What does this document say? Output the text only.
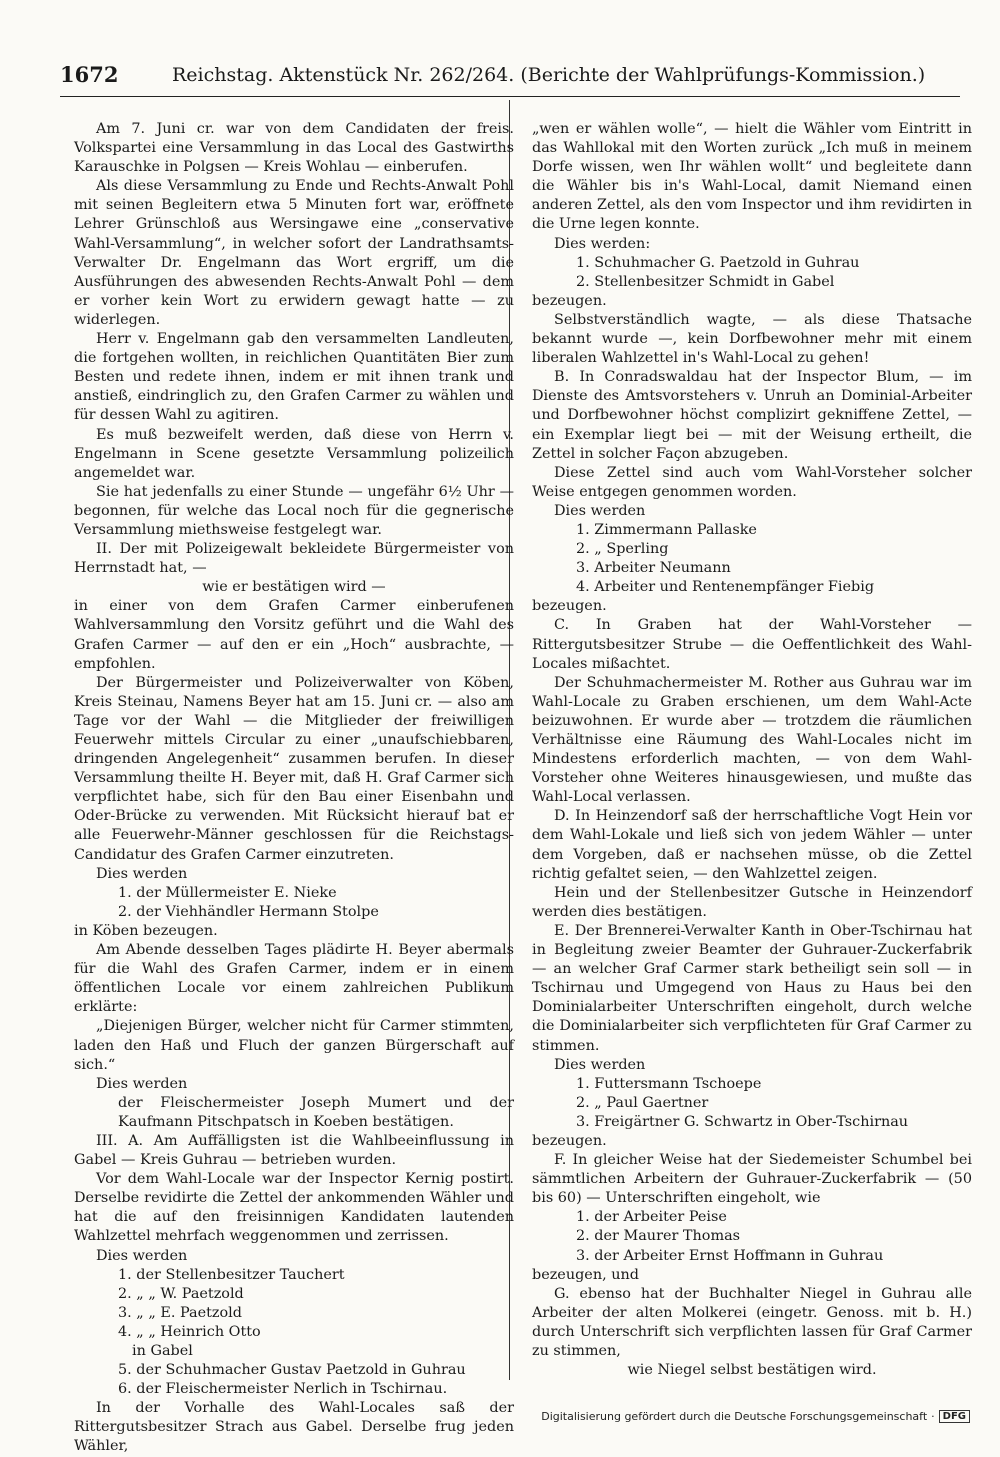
1672	Reichstag. Aktenstück Nr. 262/264. (Berichte der Wahlprüfungs-Kommission.)

Am 7. Juni cr. war von dem Candidaten der freis. Volkspartei eine Versammlung in das Local des Gastwirths Karauschke in Polgsen — Kreis Wohlau — einberufen.

Als diese Versammlung zu Ende und Rechts-Anwalt Pohl mit seinen Begleitern etwa 5 Minuten fort war, eröffnete Lehrer Grünschloß aus Wersingawe eine „conservative Wahl-Versammlung“, in welcher sofort der Landrathsamts-Verwalter Dr. Engelmann das Wort ergriff, um die Ausführungen des abwesenden Rechts-Anwalt Pohl — dem er vorher kein Wort zu erwidern gewagt hatte — zu widerlegen.

Herr v. Engelmann gab den versammelten Landleuten, die fortgehen wollten, in reichlichen Quantitäten Bier zum Besten und redete ihnen, indem er mit ihnen trank und anstieß, eindringlich zu, den Grafen Carmer zu wählen und für dessen Wahl zu agitiren.

Es muß bezweifelt werden, daß diese von Herrn v. Engelmann in Scene gesetzte Versammlung polizeilich angemeldet war.

Sie hat jedenfalls zu einer Stunde — ungefähr 6½ Uhr — begonnen, für welche das Local noch für die gegnerische Versammlung miethsweise festgelegt war.

II. Der mit Polizeigewalt bekleidete Bürgermeister von Herrnstadt hat, —

wie er bestätigen wird —

in einer von dem Grafen Carmer einberufenen Wahlversammlung den Vorsitz geführt und die Wahl des Grafen Carmer — auf den er ein „Hoch“ ausbrachte, — empfohlen.

Der Bürgermeister und Polizeiverwalter von Köben, Kreis Steinau, Namens Beyer hat am 15. Juni cr. — also am Tage vor der Wahl — die Mitglieder der freiwilligen Feuerwehr mittels Circular zu einer „unaufschiebbaren, dringenden Angelegenheit“ zusammen berufen. In dieser Versammlung theilte H. Beyer mit, daß H. Graf Carmer sich verpflichtet habe, sich für den Bau einer Eisenbahn und Oder-Brücke zu verwenden. Mit Rücksicht hierauf bat er alle Feuerwehr-Männer geschlossen für die Reichstags-Candidatur des Grafen Carmer einzutreten.

Dies werden

1. der Müllermeister E. Nieke

2. der Viehhändler Hermann Stolpe

in Köben bezeugen.

Am Abende desselben Tages plädirte H. Beyer abermals für die Wahl des Grafen Carmer, indem er in einem öffentlichen Locale vor einem zahlreichen Publikum erklärte:

„Diejenigen Bürger, welcher nicht für Carmer stimmten, laden den Haß und Fluch der ganzen Bürgerschaft auf sich.“

Dies werden

der Fleischermeister Joseph Mumert und der Kaufmann Pitschpatsch in Koeben bestätigen.

III. A. Am Auffälligsten ist die Wahlbeeinflussung in Gabel — Kreis Guhrau — betrieben wurden.

Vor dem Wahl-Locale war der Inspector Kernig postirt. Derselbe revidirte die Zettel der ankommenden Wähler und hat die auf den freisinnigen Kandidaten lautenden Wahlzettel mehrfach weggenommen und zerrissen.

Dies werden

1. der Stellenbesitzer Tauchert

2. „ „ W. Paetzold

3. „ „ E. Paetzold

4. „ „ Heinrich Otto

in Gabel

5. der Schuhmacher Gustav Paetzold in Guhrau

6. der Fleischermeister Nerlich in Tschirnau.

In der Vorhalle des Wahl-Locales saß der Rittergutsbesitzer Strach aus Gabel. Derselbe frug jeden Wähler,

„wen er wählen wolle“, — hielt die Wähler vom Eintritt in das Wahllokal mit den Worten zurück „Ich muß in meinem Dorfe wissen, wen Ihr wählen wollt“ und begleitete dann die Wähler bis in's Wahl-Local, damit Niemand einen anderen Zettel, als den vom Inspector und ihm revidirten in die Urne legen konnte.

Dies werden:

1. Schuhmacher G. Paetzold in Guhrau

2. Stellenbesitzer Schmidt in Gabel

bezeugen.

Selbstverständlich wagte, — als diese Thatsache bekannt wurde —, kein Dorfbewohner mehr mit einem liberalen Wahlzettel in's Wahl-Local zu gehen!

B. In Conradswaldau hat der Inspector Blum, — im Dienste des Amtsvorstehers v. Unruh an Dominial-Arbeiter und Dorfbewohner höchst complizirt gekniffene Zettel, — ein Exemplar liegt bei — mit der Weisung ertheilt, die Zettel in solcher Façon abzugeben.

Diese Zettel sind auch vom Wahl-Vorsteher solcher Weise entgegen genommen worden.

Dies werden

1. Zimmermann Pallaske

2. „ Sperling

3. Arbeiter Neumann

4. Arbeiter und Rentenempfänger Fiebig

bezeugen.

C. In Graben hat der Wahl-Vorsteher — Rittergutsbesitzer Strube — die Oeffentlichkeit des Wahl-Locales mißachtet.

Der Schuhmachermeister M. Rother aus Guhrau war im Wahl-Locale zu Graben erschienen, um dem Wahl-Acte beizuwohnen. Er wurde aber — trotzdem die räumlichen Verhältnisse eine Räumung des Wahl-Locales nicht im Mindestens erforderlich machten, — von dem Wahl-Vorsteher ohne Weiteres hinausgewiesen, und mußte das Wahl-Local verlassen.

D. In Heinzendorf saß der herrschaftliche Vogt Hein vor dem Wahl-Lokale und ließ sich von jedem Wähler — unter dem Vorgeben, daß er nachsehen müsse, ob die Zettel richtig gefaltet seien, — den Wahlzettel zeigen.

Hein und der Stellenbesitzer Gutsche in Heinzendorf werden dies bestätigen.

E. Der Brennerei-Verwalter Kanth in Ober-Tschirnau hat in Begleitung zweier Beamter der Guhrauer-Zuckerfabrik — an welcher Graf Carmer stark betheiligt sein soll — in Tschirnau und Umgegend von Haus zu Haus bei den Dominialarbeiter Unterschriften eingeholt, durch welche die Dominialarbeiter sich verpflichteten für Graf Carmer zu stimmen.

Dies werden

1. Futtersmann Tschoepe

2. „ Paul Gaertner

3. Freigärtner G. Schwartz in Ober-Tschirnau

bezeugen.

F. In gleicher Weise hat der Siedemeister Schumbel bei sämmtlichen Arbeitern der Guhrauer-Zuckerfabrik — (50 bis 60) — Unterschriften eingeholt, wie

1. der Arbeiter Peise

2. der Maurer Thomas

3. der Arbeiter Ernst Hoffmann in Guhrau

bezeugen, und

G. ebenso hat der Buchhalter Niegel in Guhrau alle Arbeiter der alten Molkerei (eingetr. Genoss. mit b. H.) durch Unterschrift sich verpflichten lassen für Graf Carmer zu stimmen,

wie Niegel selbst bestätigen wird.

Digitalisierung gefördert durch die Deutsche Forschungsgemeinschaft · DFG
